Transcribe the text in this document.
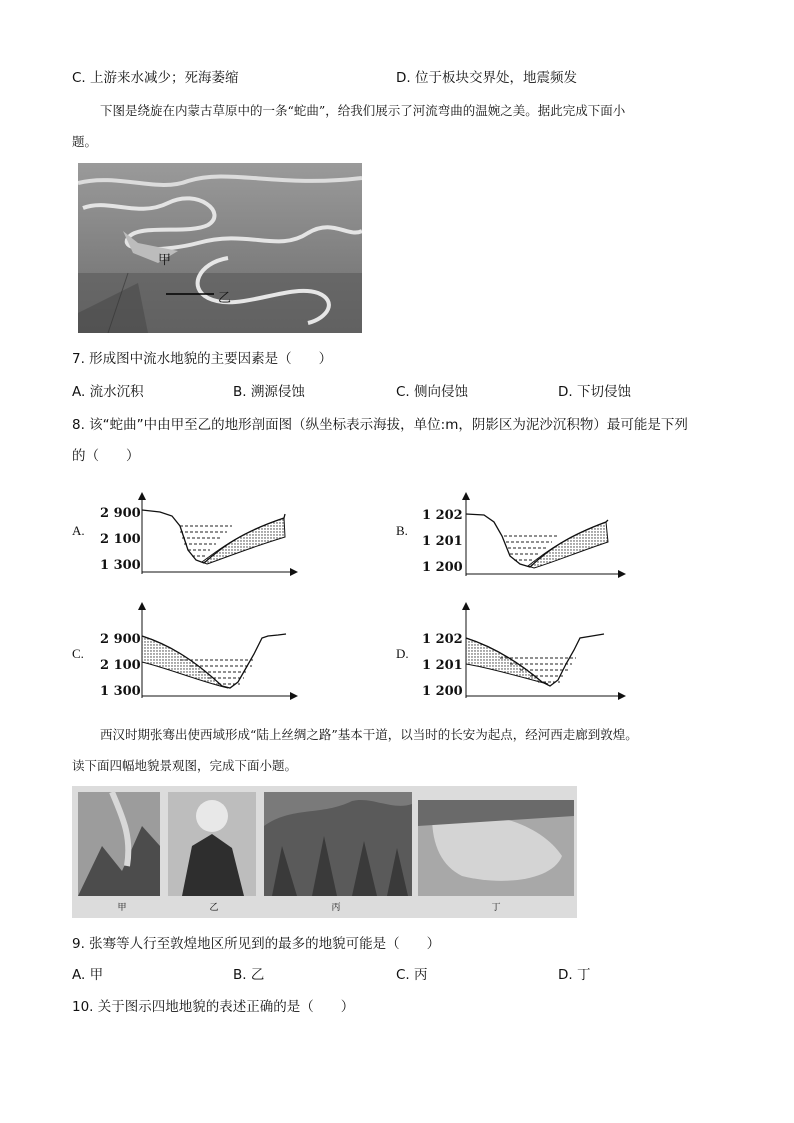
C. 上游来水减少；死海萎缩	D. 位于板块交界处，地震频发
下图是绕旋在内蒙古草原中的一条“蛇曲”，给我们展示了河流弯曲的温婉之美。据此完成下面小
题。
甲
乙
7. 形成图中流水地貌的主要因素是（　　）
A. 流水沉积	B. 溯源侵蚀	C. 侧向侵蚀	D. 下切侵蚀
8. 该“蛇曲”中由甲至乙的地形剖面图（纵坐标表示海拔，单位:m，阴影区为泥沙沉积物）最可能是下列
的（　　）
A.
2 900
2 100
1 300
B.
1 202
1 201
1 200
C.
2 900
2 100
1 300
D.
1 202
1 201
1 200
西汉时期张骞出使西域形成“陆上丝绸之路”基本干道，以当时的长安为起点，经河西走廊到敦煌。
读下面四幅地貌景观图，完成下面小题。
甲	乙	丙	丁
9. 张骞等人行至敦煌地区所见到的最多的地貌可能是（　　）
A. 甲	B. 乙	C. 丙	D. 丁
10. 关于图示四地地貌的表述正确的是（　　）
